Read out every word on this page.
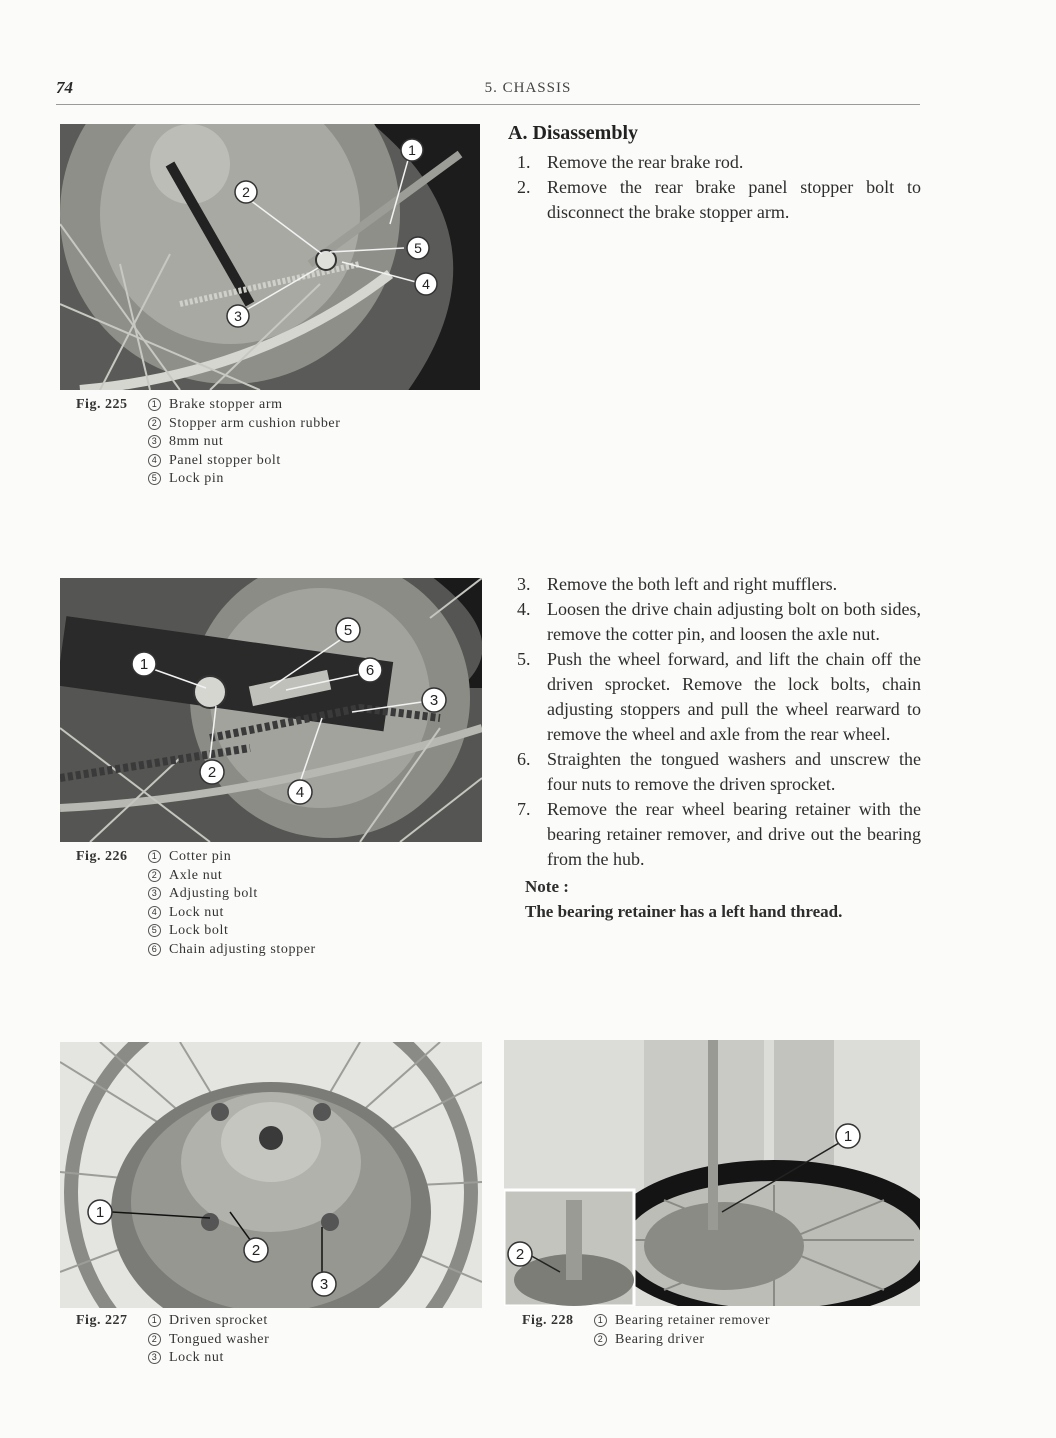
74	5. CHASSIS
1
2
3
4
5
Fig. 225	1 Brake stopper arm
2 Stopper arm cushion rubber
3 8mm nut
4 Panel stopper bolt
5 Lock pin
A. Disassembly
1. Remove the rear brake rod.
2. Remove the rear brake panel stopper bolt to disconnect the brake stopper arm.
1
2
3
4
5
6
Fig. 226	1 Cotter pin
2 Axle nut
3 Adjusting bolt
4 Lock nut
5 Lock bolt
6 Chain adjusting stopper
3. Remove the both left and right mufflers.
4. Loosen the drive chain adjusting bolt on both sides, remove the cotter pin, and loosen the axle nut.
5. Push the wheel forward, and lift the chain off the driven sprocket. Remove the lock bolts, chain adjusting stoppers and pull the wheel rearward to remove the wheel and axle from the rear wheel.
6. Straighten the tongued washers and unscrew the four nuts to remove the driven sprocket.
7. Remove the rear wheel bearing retainer with the bearing retainer remover, and drive out the bearing from the hub.
Note :
The bearing retainer has a left hand thread.
1
2
3
Fig. 227	1 Driven sprocket
2 Tongued washer
3 Lock nut
1
2
Fig. 228	1 Bearing retainer remover
2 Bearing driver
